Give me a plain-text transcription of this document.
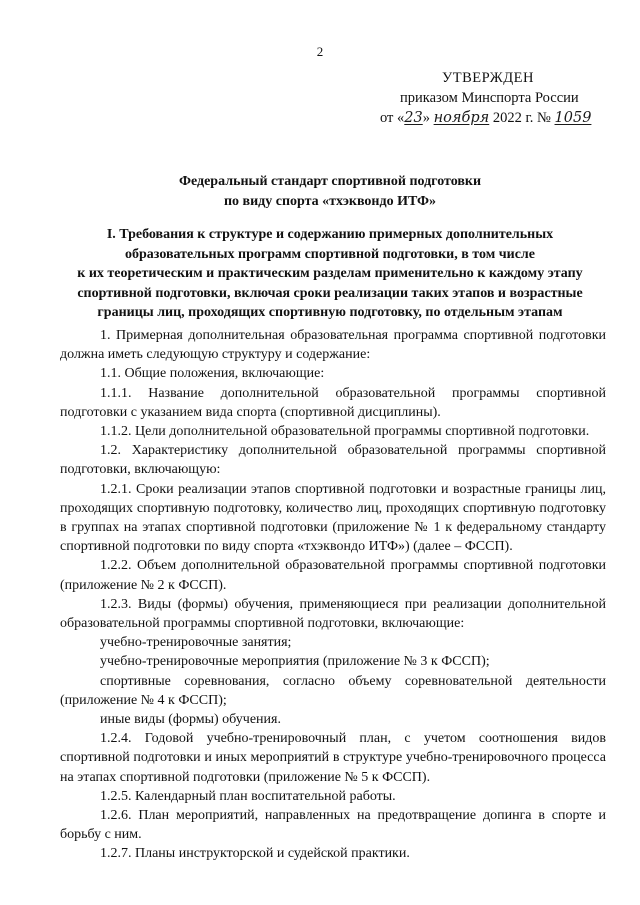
2
УТВЕРЖДЕН
приказом Минспорта России
от «23» ноября 2022 г. № 1059
Федеральный стандарт спортивной подготовки
по виду спорта «тхэквондо ИТФ»
I. Требования к структуре и содержанию примерных дополнительных
образовательных программ спортивной подготовки, в том числе
к их теоретическим и практическим разделам применительно к каждому этапу
спортивной подготовки, включая сроки реализации таких этапов и возрастные
границы лиц, проходящих спортивную подготовку, по отдельным этапам

1. Примерная дополнительная образовательная программа спортивной подготовки должна иметь следующую структуру и содержание:

1.1. Общие положения, включающие:

1.1.1. Название дополнительной образовательной программы спортивной подготовки с указанием вида спорта (спортивной дисциплины).

1.1.2. Цели дополнительной образовательной программы спортивной подготовки.

1.2. Характеристику дополнительной образовательной программы спортивной подготовки, включающую:

1.2.1. Сроки реализации этапов спортивной подготовки и возрастные границы лиц, проходящих спортивную подготовку, количество лиц, проходящих спортивную подготовку в группах на этапах спортивной подготовки (приложение № 1 к федеральному стандарту спортивной подготовки по виду спорта «тхэквондо ИТФ») (далее – ФССП).

1.2.2. Объем дополнительной образовательной программы спортивной подготовки (приложение № 2 к ФССП).

1.2.3. Виды (формы) обучения, применяющиеся при реализации дополнительной образовательной программы спортивной подготовки, включающие:

учебно-тренировочные занятия;

учебно-тренировочные мероприятия (приложение № 3 к ФССП);

спортивные соревнования, согласно объему соревновательной деятельности (приложение № 4 к ФССП);

иные виды (формы) обучения.

1.2.4. Годовой учебно-тренировочный план, с учетом соотношения видов спортивной подготовки и иных мероприятий в структуре учебно-тренировочного процесса на этапах спортивной подготовки (приложение № 5 к ФССП).

1.2.5. Календарный план воспитательной работы.

1.2.6. План мероприятий, направленных на предотвращение допинга в спорте и борьбу с ним.

1.2.7. Планы инструкторской и судейской практики.
